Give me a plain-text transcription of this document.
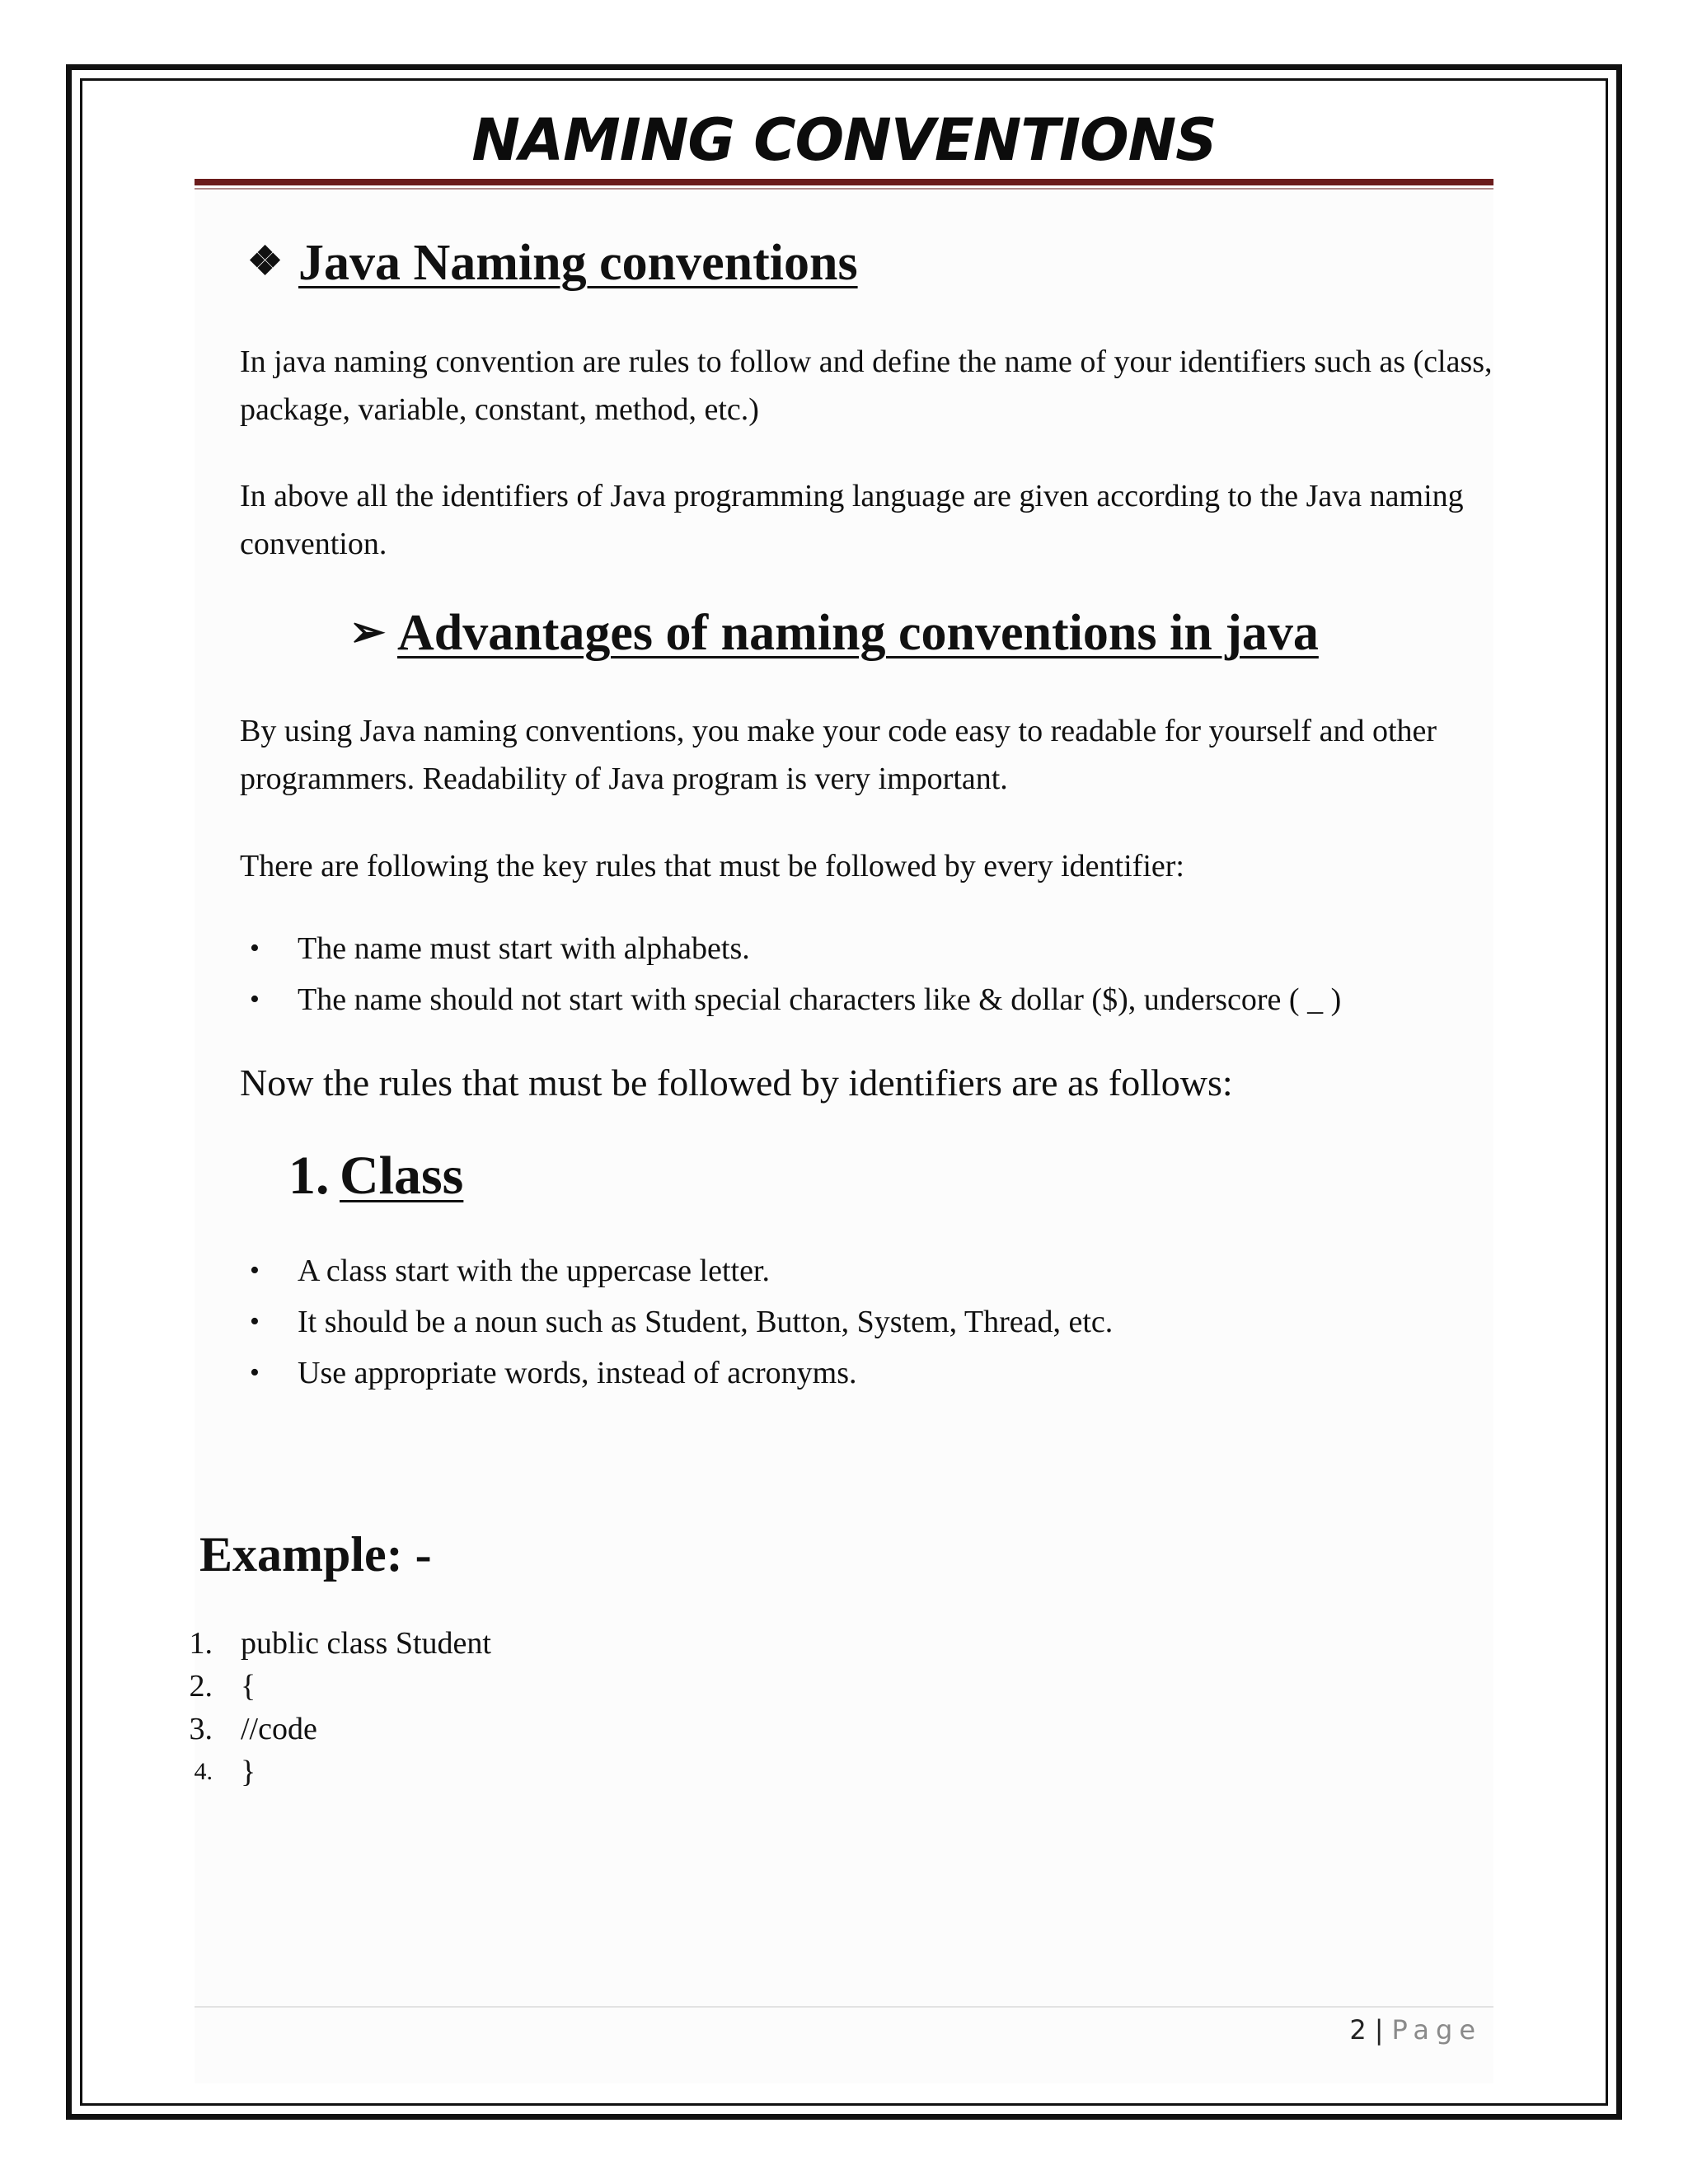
NAMING CONVENTIONS
❖ Java Naming conventions

In java naming convention are rules to follow and define the name of your identifiers such as (class, package, variable, constant, method, etc.)

In above all the identifiers of Java programming language are given according to the Java naming convention.

➢ Advantages of naming conventions in java

By using Java naming conventions, you make your code easy to readable for yourself and other programmers. Readability of Java program is very important.

There are following the key rules that must be followed by every identifier:

• The name must start with alphabets.
• The name should not start with special characters like & dollar ($), underscore ( _ )

Now the rules that must be followed by identifiers are as follows:

1. Class
• A class start with the uppercase letter.
• It should be a noun such as Student, Button, System, Thread, etc.
• Use appropriate words, instead of acronyms.
Example: -
1. public class Student
2. {
3. //code
4. }
2 | Page
